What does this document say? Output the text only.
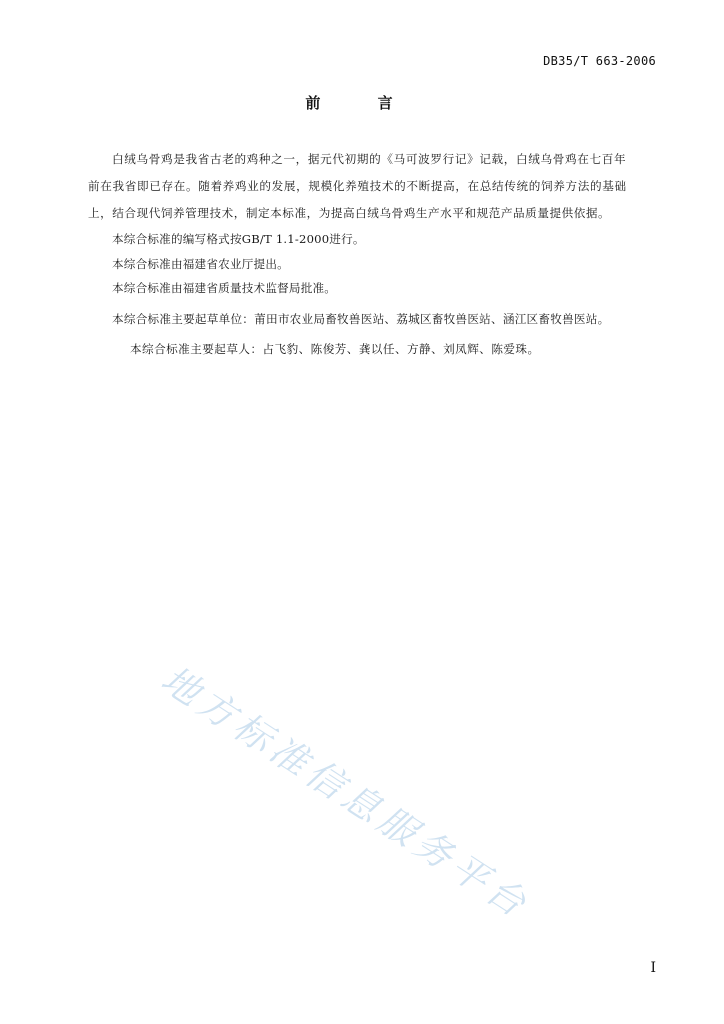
DB35/T 663-2006
前 言
白绒乌骨鸡是我省古老的鸡种之一，据元代初期的《马可波罗行记》记载，白绒乌骨鸡在七百年
前在我省即已存在。随着养鸡业的发展，规模化养殖技术的不断提高，在总结传统的饲养方法的基础
上，结合现代饲养管理技术，制定本标准，为提高白绒乌骨鸡生产水平和规范产品质量提供依据。
本综合标准的编写格式按GB/T 1.1-2000进行。
本综合标准由福建省农业厅提出。
本综合标准由福建省质量技术监督局批准。
本综合标准主要起草单位：莆田市农业局畜牧兽医站、荔城区畜牧兽医站、涵江区畜牧兽医站。
本综合标准主要起草人：占飞豹、陈俊芳、龚以任、方静、刘凤辉、陈爱珠。
地方标准信息服务平台
I
